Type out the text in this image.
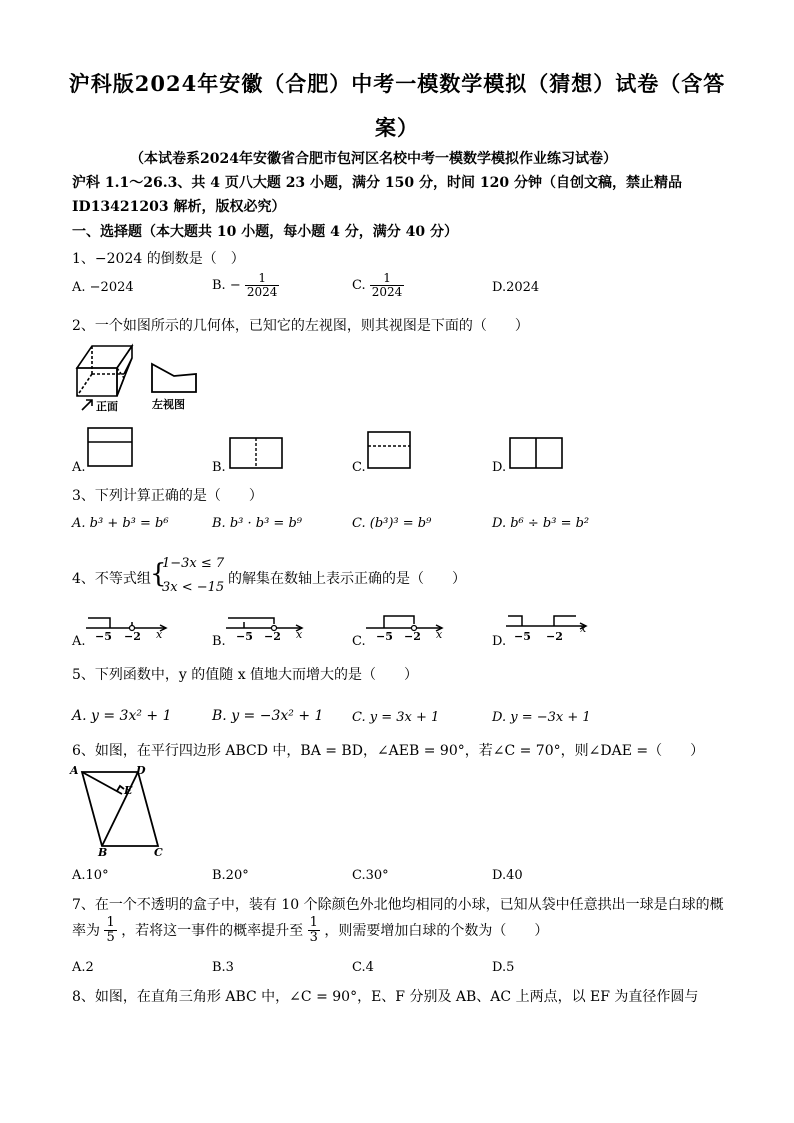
沪科版2024年安徽（合肥）中考一模数学模拟（猜想）试卷（含答
案）
（本试卷系2024年安徽省合肥市包河区名校中考一模数学模拟作业练习试卷）
沪科 1.1～26.3、共 4 页八大题 23 小题，满分 150 分，时间 120 分钟（自创文稿，禁止精品
ID13421203 解析，版权必究）
一、选择题（本大题共 10 小题，每小题 4 分，满分 40 分）
1、−2024 的倒数是（　）
A. −2024	B. − $\frac{1}{2024}$	C. $\frac{1}{2024}$	D.2024
2、一个如图所示的几何体，已知它的左视图，则其视图是下面的（　　）
正面	左视图
A.	B.	C.	D.
3、下列计算正确的是（　　）
A. b³ + b³ = b⁶	B. b³ · b³ = b⁹	C. (b³)³ = b⁹	D. b⁶ ÷ b³ = b²
4、不等式组 {
1−3x ≤ 7
3x < −15
的解集在数轴上表示正确的是（　　）
A. −5 −2 x	B. −5 −2 x	C. −5 −2 x	D. −5 −2
x
5、下列函数中，y 的值随 x 值地大而增大的是（　　）
A. y = 3x² + 1	B. y = −3x² + 1 C. y = 3x + 1	D. y = −3x + 1
6、如图，在平行四边形 ABCD 中，BA = BD，∠AEB = 90°，若∠C = 70°，则∠DAE =（　　）
A	D
E
B	C
A.10°	B.20°	C.30°	D.40
7、在一个不透明的盒子中，装有 10 个除颜色外北他均相同的小球，已知从袋中任意拱出一球是白球的概
率为 $\frac{1}{5}$ ，若将这一事件的概率提升至 $\frac{1}{3}$ ，则需要增加白球的个数为（　　）
A.2	B.3	C.4	D.5
8、如图，在直角三角形 ABC 中，∠C = 90°，E、F 分别及 AB、AC 上两点，以 EF 为直径作圆与
